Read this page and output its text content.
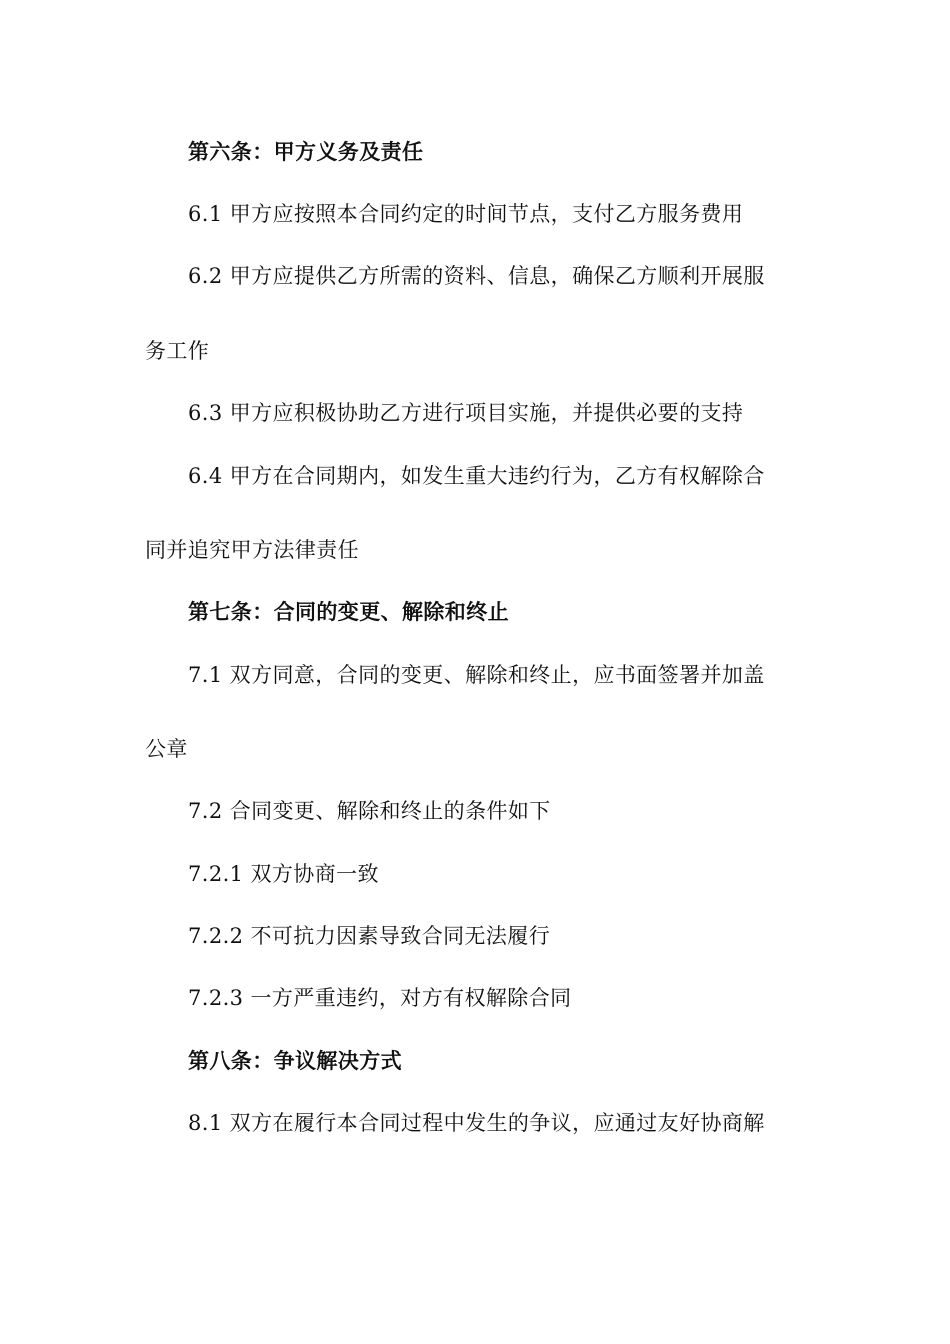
第六条：甲方义务及责任
6.1 甲方应按照本合同约定的时间节点，支付乙方服务费用
6.2 甲方应提供乙方所需的资料、信息，确保乙方顺利开展服
务工作
6.3 甲方应积极协助乙方进行项目实施，并提供必要的支持
6.4 甲方在合同期内，如发生重大违约行为，乙方有权解除合
同并追究甲方法律责任
第七条：合同的变更、解除和终止
7.1 双方同意，合同的变更、解除和终止，应书面签署并加盖
公章
7.2 合同变更、解除和终止的条件如下
7.2.1 双方协商一致
7.2.2 不可抗力因素导致合同无法履行
7.2.3 一方严重违约，对方有权解除合同
第八条：争议解决方式
8.1 双方在履行本合同过程中发生的争议，应通过友好协商解
